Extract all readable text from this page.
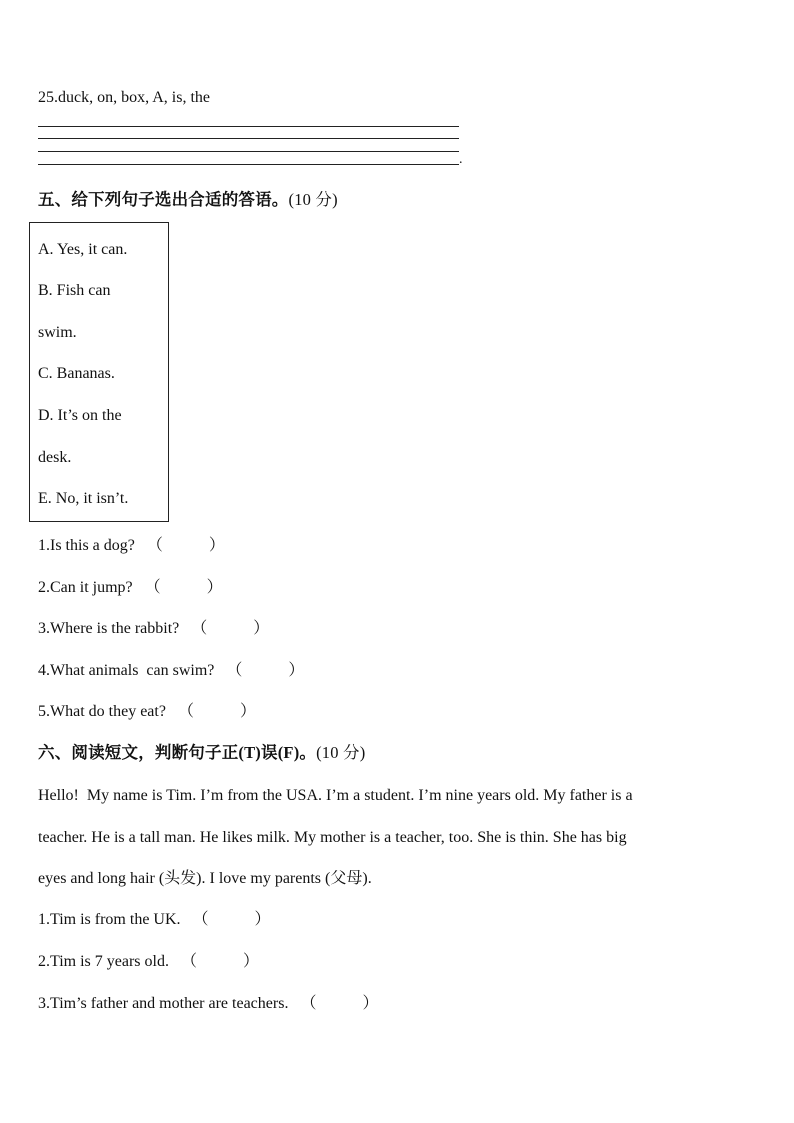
25.duck, on, box, A, is, the
.
五、给下列句子选出合适的答语。(10 分)
A. Yes, it can.
B. Fish can
swim.
C. Bananas.
D. It’s on the
desk.
E. No, it isn’t.
1.Is this a dog? （	）
2.Can it jump? （	）
3.Where is the rabbit? （	）
4.What animals  can swim? （	）
5.What do they eat? （	）
六、阅读短文，判断句子正(T)误(F)。(10 分)
Hello!  My name is Tim. I’m from the USA. I’m a student. I’m nine years old. My father is a
teacher. He is a tall man. He likes milk. My mother is a teacher, too. She is thin. She has big
eyes and long hair (头发). I love my parents (父母).
1.Tim is from the UK. （	）
2.Tim is 7 years old. （	）
3.Tim’s father and mother are teachers. （	）
